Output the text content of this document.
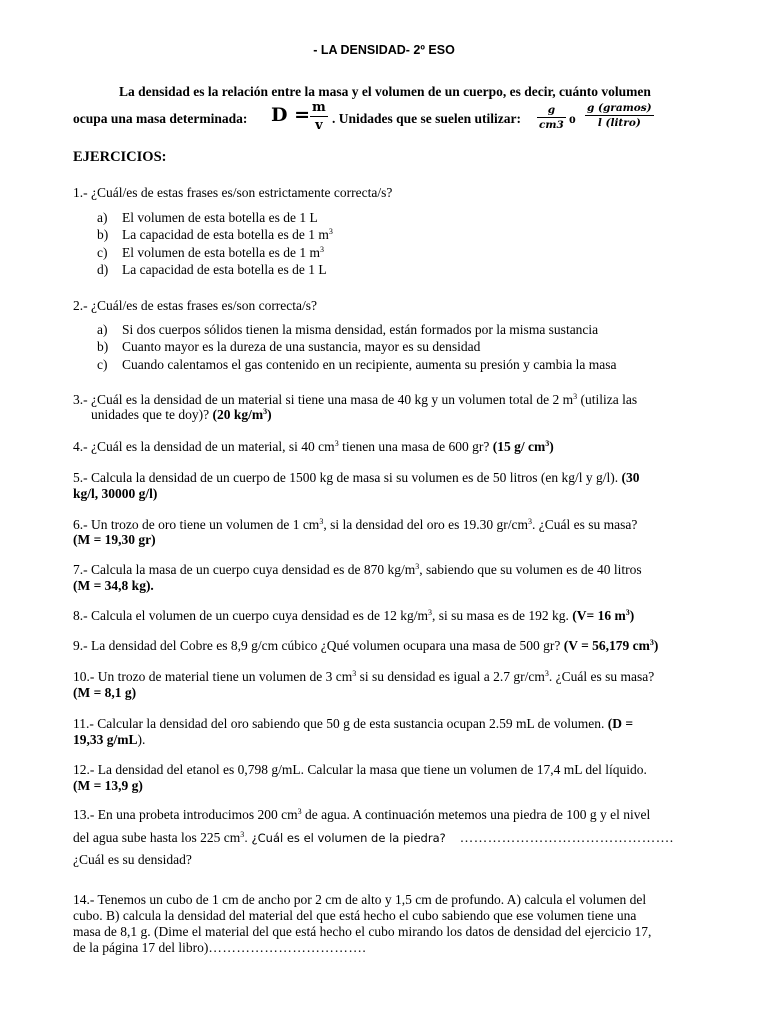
- LA DENSIDAD- 2º ESO
La densidad es la relación entre la masa y el volumen de un cuerpo, es decir, cuánto volumen
ocupa una masa determinada: D = m
v . Unidades que se suelen utilizar:
g
cm3 o
g (gramos)
l (litro)
EJERCICIOS:
1.- ¿Cuál/es de estas frases es/son estrictamente correcta/s?
a) El volumen de esta botella es de 1 L
b) La capacidad de esta botella es de 1 $m^3$
c) El volumen de esta botella es de 1 $m^3$
d) La capacidad de esta botella es de 1 L
2.- ¿Cuál/es de estas frases es/son correcta/s?
a) Si dos cuerpos sólidos tienen la misma densidad, están formados por la misma sustancia
b) Cuanto mayor es la dureza de una sustancia, mayor es su densidad
c) Cuando calentamos el gas contenido en un recipiente, aumenta su presión y cambia la masa
3.- ¿Cuál es la densidad de un material si tiene una masa de 40 kg y un volumen total de 2 $m^3$ (utiliza las
unidades que te doy)? (20 $kg/m^3$)
4.- ¿Cuál es la densidad de un material, si 40 $cm^3$ tienen una masa de 600 gr? (15 g/ $cm^3$)
5.- Calcula la densidad de un cuerpo de 1500 kg de masa si su volumen es de 50 litros (en kg/l y g/l). (30
kg/l, 30000 g/l)
6.- Un trozo de oro tiene un volumen de 1 $cm^3$, si la densidad del oro es 19.30 $gr/cm^3$. ¿Cuál es su masa?
(M = 19,30 gr)
7.- Calcula la masa de un cuerpo cuya densidad es de 870 $kg/m^3$, sabiendo que su volumen es de 40 litros
(M = 34,8 kg).
8.- Calcula el volumen de un cuerpo cuya densidad es de 12 $kg/m^3$, si su masa es de 192 kg. (V= 16 $m^3$)
9.- La densidad del Cobre es 8,9 g/cm cúbico ¿Qué volumen ocupara una masa de 500 gr? (V = 56,179 $cm^3$)
10.- Un trozo de material tiene un volumen de 3 $cm^3$ si su densidad es igual a 2.7 $gr/cm^3$. ¿Cuál es su masa?
(M = 8,1 g)
11.- Calcular la densidad del oro sabiendo que 50 g de esta sustancia ocupan 2.59 mL de volumen. (D =
19,33 g/mL).
12.- La densidad del etanol es 0,798 g/mL. Calcular la masa que tiene un volumen de 17,4 mL del líquido.
(M = 13,9 g)
13.- En una probeta introducimos 200 $cm^3$ de agua. A continuación metemos una piedra de 100 g y el nivel
del agua sube hasta los 225 $cm^3$. ¿Cuál es el volumen de la piedra? ……………………………………….
¿Cuál es su densidad?
14.- Tenemos un cubo de 1 cm de ancho por 2 cm de alto y 1,5 cm de profundo. A) calcula el volumen del
cubo. B) calcula la densidad del material del que está hecho el cubo sabiendo que ese volumen tiene una
masa de 8,1 g. (Dime el material del que está hecho el cubo mirando los datos de densidad del ejercicio 17,
de la página 17 del libro)…………………………….
